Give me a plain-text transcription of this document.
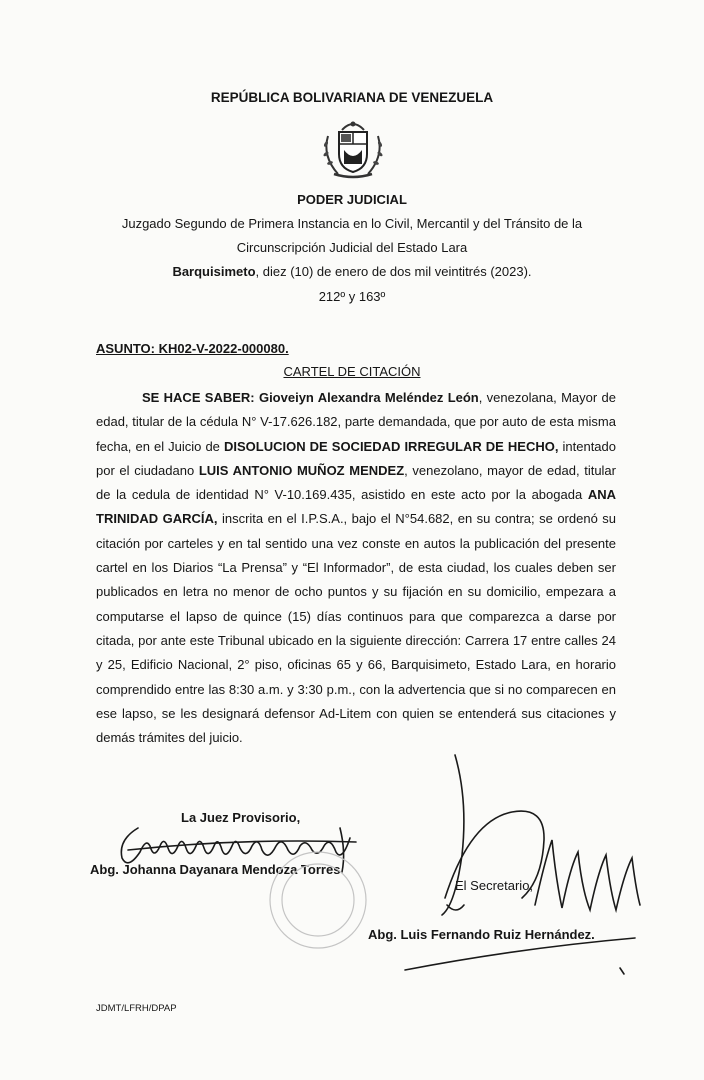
REPÚBLICA BOLIVARIANA DE VENEZUELA
PODER JUDICIAL
Juzgado Segundo de Primera Instancia en lo Civil, Mercantil y del Tránsito de la
Circunscripción Judicial del Estado Lara
Barquisimeto, diez (10) de enero de dos mil veintitrés (2023).
212º y 163º
ASUNTO: KH02-V-2022-000080.
CARTEL DE CITACIÓN

SE HACE SABER: Gioveiyn Alexandra Meléndez León, venezolana, Mayor de edad, titular de la cédula N° V-17.626.182, parte demandada, que por auto de esta misma fecha, en el Juicio de DISOLUCION DE SOCIEDAD IRREGULAR DE HECHO, intentado por el ciudadano LUIS ANTONIO MUÑOZ MENDEZ, venezolano, mayor de edad, titular de la cedula de identidad N° V-10.169.435, asistido en este acto por la abogada ANA TRINIDAD GARCÍA, inscrita en el I.P.S.A., bajo el N°54.682, en su contra; se ordenó su citación por carteles y en tal sentido una vez conste en autos la publicación del presente cartel en los Diarios “La Prensa” y “El Informador”, de esta ciudad, los cuales deben ser publicados en letra no menor de ocho puntos y su fijación en su domicilio, empezara a computarse el lapso de quince (15) días continuos para que comparezca a darse por citada, por ante este Tribunal ubicado en la siguiente dirección: Carrera 17 entre calles 24 y 25, Edificio Nacional, 2° piso, oficinas 65 y 66, Barquisimeto, Estado Lara, en horario comprendido entre las 8:30 a.m. y 3:30 p.m., con la advertencia que si no comparecen en ese lapso, se les designará defensor Ad-Litem con quien se entenderá sus citaciones y demás trámites del juicio.

La Juez Provisorio,
Abg. Johanna Dayanara Mendoza Torres
El Secretario,
Abg. Luis Fernando Ruiz Hernández.
JDMT/LFRH/DPAP
